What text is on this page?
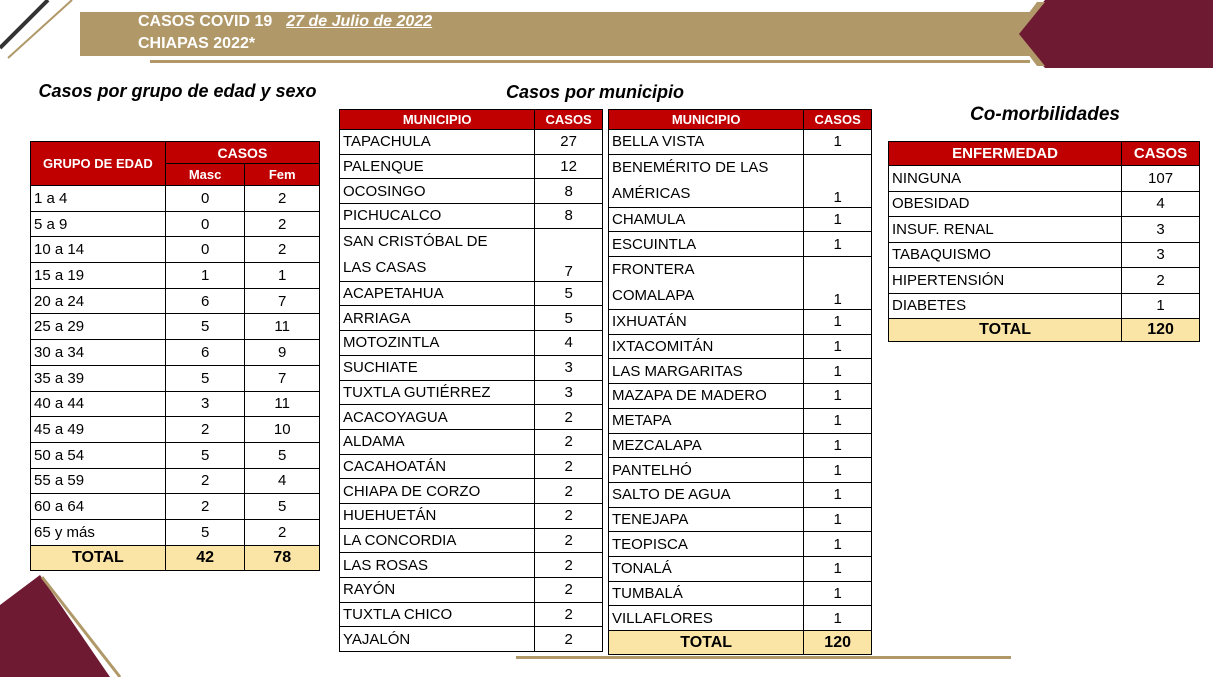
CASOS COVID 19 27 de Julio de 2022
CHIAPAS 2022*
Casos por grupo de edad y sexo	Casos por municipio
Co-morbilidades
GRUPO DE EDAD	CASOS	
	Masc	Fem
1 a 4	0	2
5 a 9	0	2
10 a 14	0	2
15 a 19	1	1
20 a 24	6	7
25 a 29	5	11
30 a 34	6	9
35 a 39	5	7
40 a 44	3	11
45 a 49	2	10
50 a 54	5	5
55 a 59	2	4
60 a 64	2	5
65 y más	5	2
TOTAL	42	78
MUNICIPIO	CASOS

TAPACHULA	27

PALENQUE	12

OCOSINGO	8

PICHUCALCO	8

SAN CRISTÓBAL DE
LAS CASAS	7

ACAPETAHUA	5

ARRIAGA	5

MOTOZINTLA	4

SUCHIATE	3

TUXTLA GUTIÉRREZ	3

ACACOYAGUA	2

ALDAMA	2

CACAHOATÁN	2

CHIAPA DE CORZO	2

HUEHUETÁN	2

LA CONCORDIA	2

LAS ROSAS	2

RAYÓN	2

TUXTLA CHICO	2

YAJALÓN	2
MUNICIPIO	CASOS

BELLA VISTA	1

BENEMÉRITO DE LAS
AMÉRICAS	1

CHAMULA	1

ESCUINTLA	1

FRONTERA
COMALAPA	1

IXHUATÁN	1

IXTACOMITÁN	1

LAS MARGARITAS	1

MAZAPA DE MADERO	1

METAPA	1

MEZCALAPA	1

PANTELHÓ	1

SALTO DE AGUA	1

TENEJAPA	1

TEOPISCA	1

TONALÁ	1

TUMBALÁ	1

VILLAFLORES	1
TOTAL	120
ENFERMEDAD	CASOS
NINGUNA	107
OBESIDAD	4
INSUF. RENAL	3
TABAQUISMO	3
HIPERTENSIÓN	2
DIABETES	1
TOTAL	120
